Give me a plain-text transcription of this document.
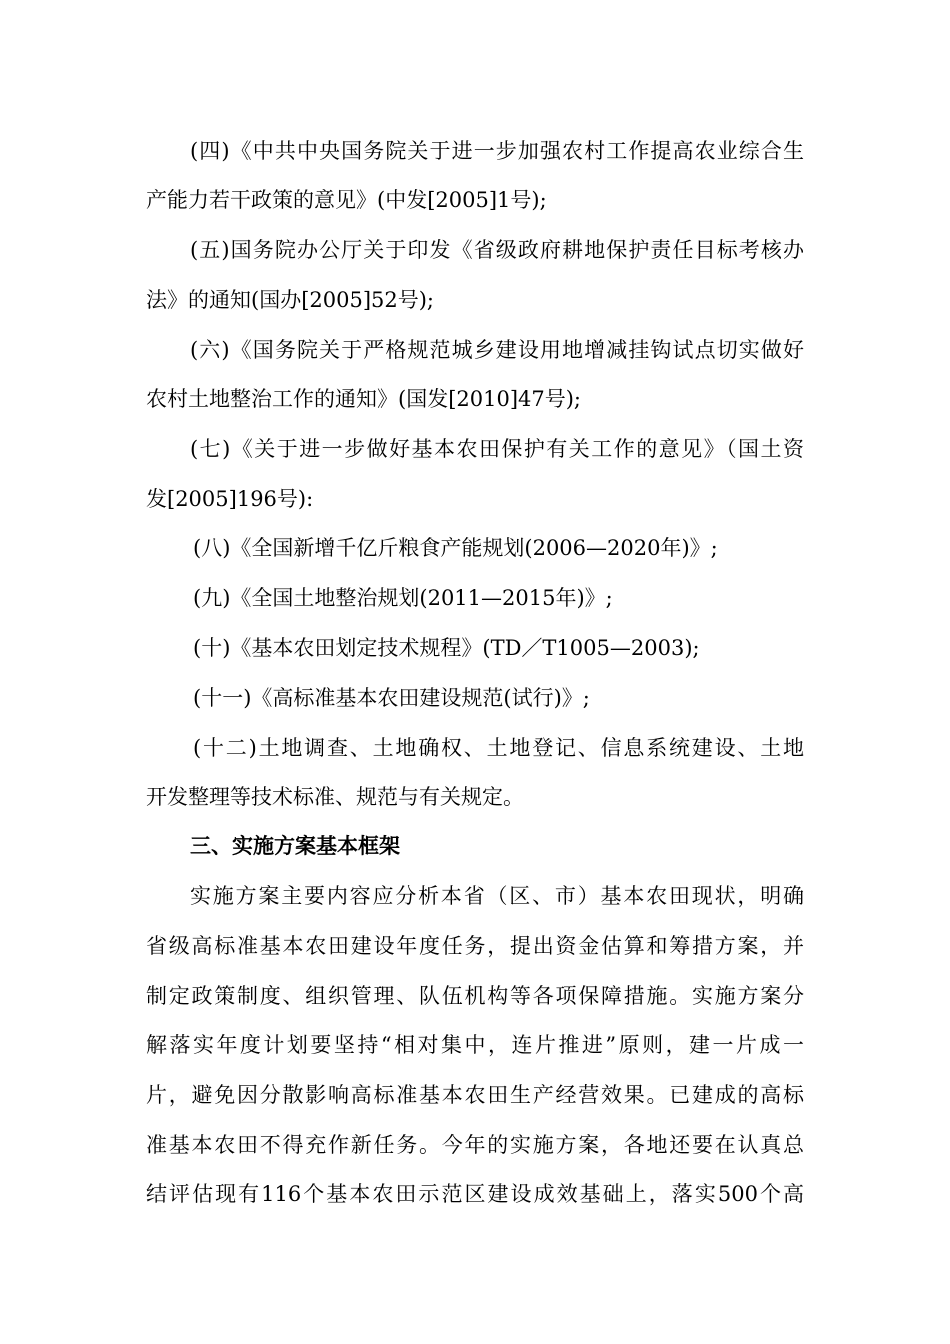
(四)《中共中央国务院关于进一步加强农村工作提高农业综合生
产能力若干政策的意见》(中发[2005]1号);
(五)国务院办公厅关于印发《省级政府耕地保护责任目标考核办
法》的通知(国办[2005]52号);
(六)《国务院关于严格规范城乡建设用地增减挂钩试点切实做好
农村土地整治工作的通知》(国发[2010]47号);
(七)《关于进一步做好基本农田保护有关工作的意见》（国土资
发[2005]196号):
(八)《全国新增千亿斤粮食产能规划(2006—2020年)》;
(九)《全国土地整治规划(2011—2015年)》;
(十)《基本农田划定技术规程》(TD／T1005—2003);
(十一)《高标准基本农田建设规范(试行)》;
(十二)土地调查、土地确权、土地登记、信息系统建设、土地
开发整理等技术标准、规范与有关规定。
三、实施方案基本框架
实施方案主要内容应分析本省（区、市）基本农田现状，明确
省级高标准基本农田建设年度任务，提出资金估算和筹措方案，并
制定政策制度、组织管理、队伍机构等各项保障措施。实施方案分
解落实年度计划要坚持“相对集中，连片推进”原则，建一片成一
片，避免因分散影响高标准基本农田生产经营效果。已建成的高标
准基本农田不得充作新任务。今年的实施方案，各地还要在认真总
结评估现有116个基本农田示范区建设成效基础上，落实500个高
